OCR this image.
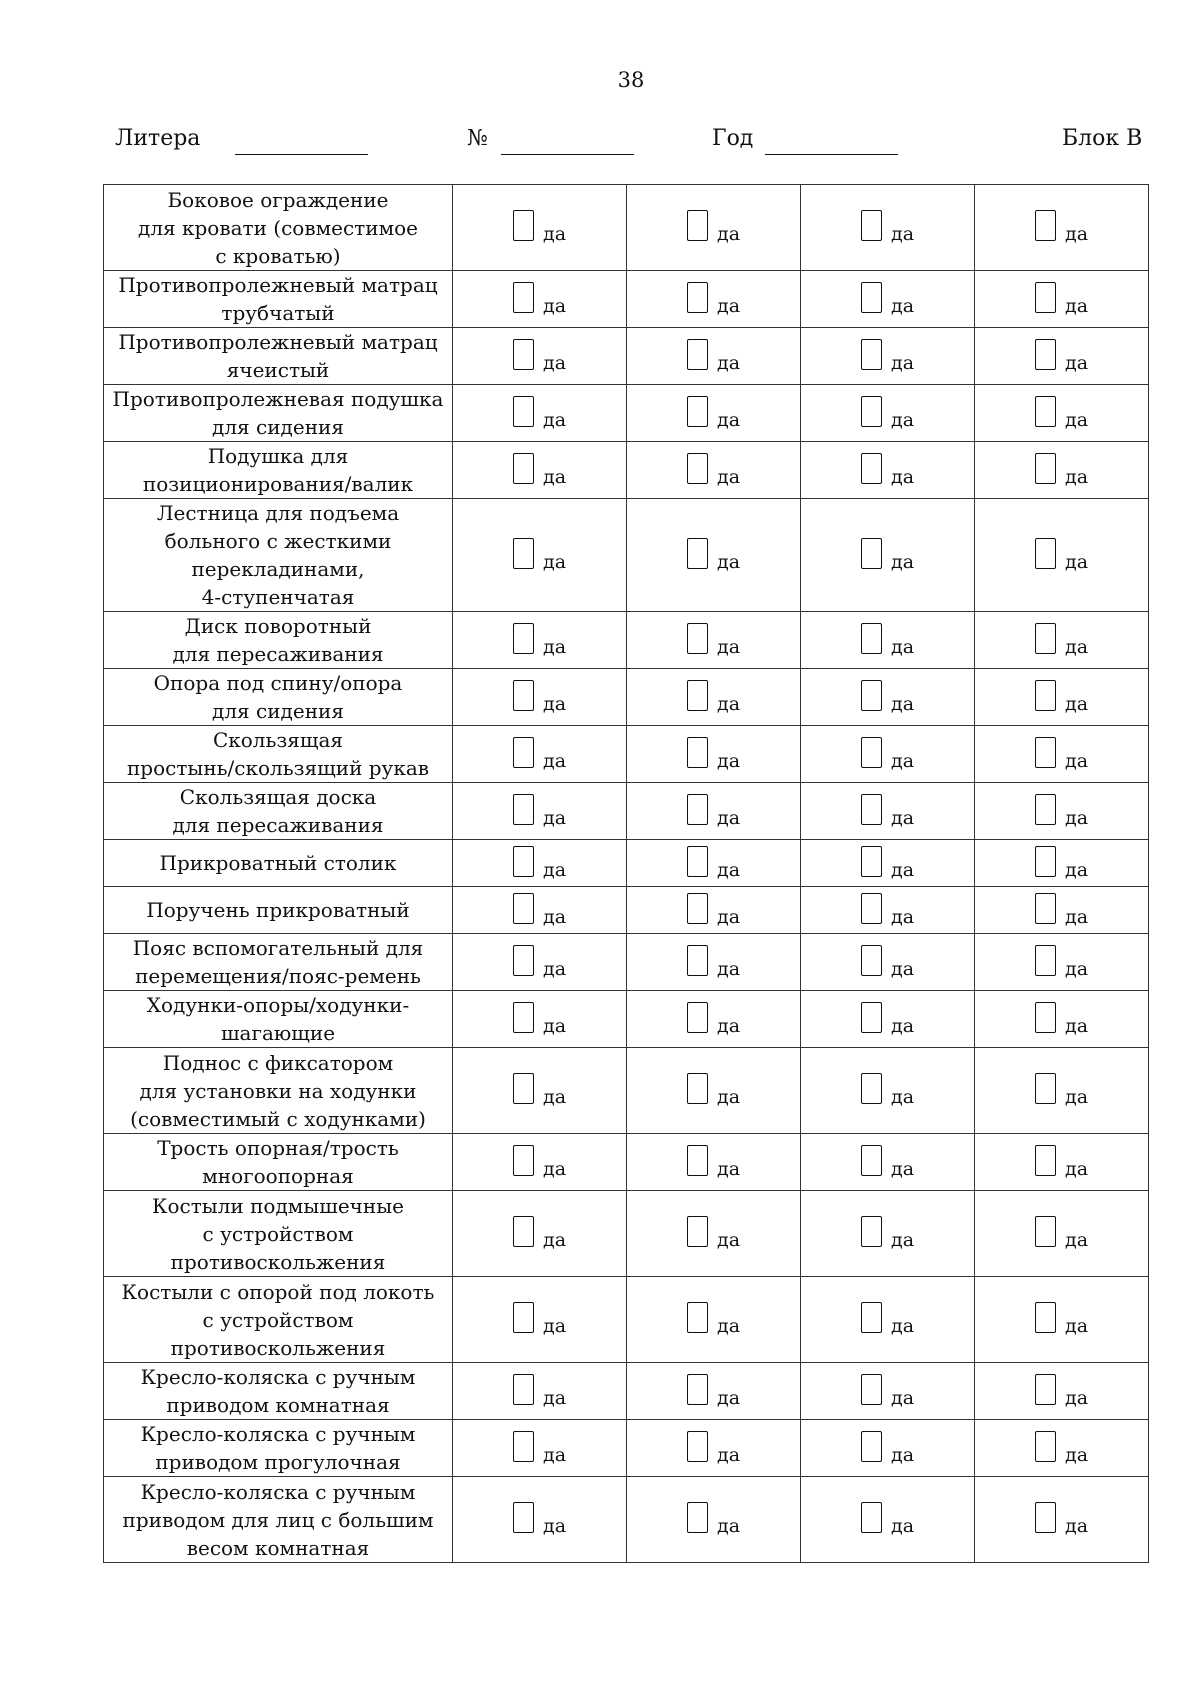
38
Литера	№	Год	Блок В
Боковое ограждение
для кровати (совместимое
с кроватью)	да	да	да	да

Противопролежневый матрац
трубчатый	да	да	да	да

Противопролежневый матрац
ячеистый	да	да	да	да

Противопролежневая подушка
для сидения	да	да	да	да

Подушка для
позиционирования/валик	да	да	да	да

Лестница для подъема
больного с жесткими
перекладинами,
4-ступенчатая	да	да	да	да

Диск поворотный
для пересаживания	да	да	да	да

Опора под спину/опора
для сидения	да	да	да	да

Скользящая
простынь/скользящий рукав	да	да	да	да

Скользящая доска
для пересаживания	да	да	да	да

Прикроватный столик	да	да	да	да

Поручень прикроватный	да	да	да	да

Пояс вспомогательный для
перемещения/пояс-ремень	да	да	да	да

Ходунки-опоры/ходунки-
шагающие	да	да	да	да

Поднос с фиксатором
для установки на ходунки
(совместимый с ходунками)	да	да	да	да

Трость опорная/трость
многоопорная	да	да	да	да

Костыли подмышечные
с устройством
противоскольжения	да	да	да	да

Костыли с опорой под локоть
с устройством
противоскольжения	да	да	да	да

Кресло-коляска с ручным
приводом комнатная	да	да	да	да

Кресло-коляска с ручным
приводом прогулочная	да	да	да	да

Кресло-коляска с ручным
приводом для лиц с большим
весом комнатная	да	да	да	да
